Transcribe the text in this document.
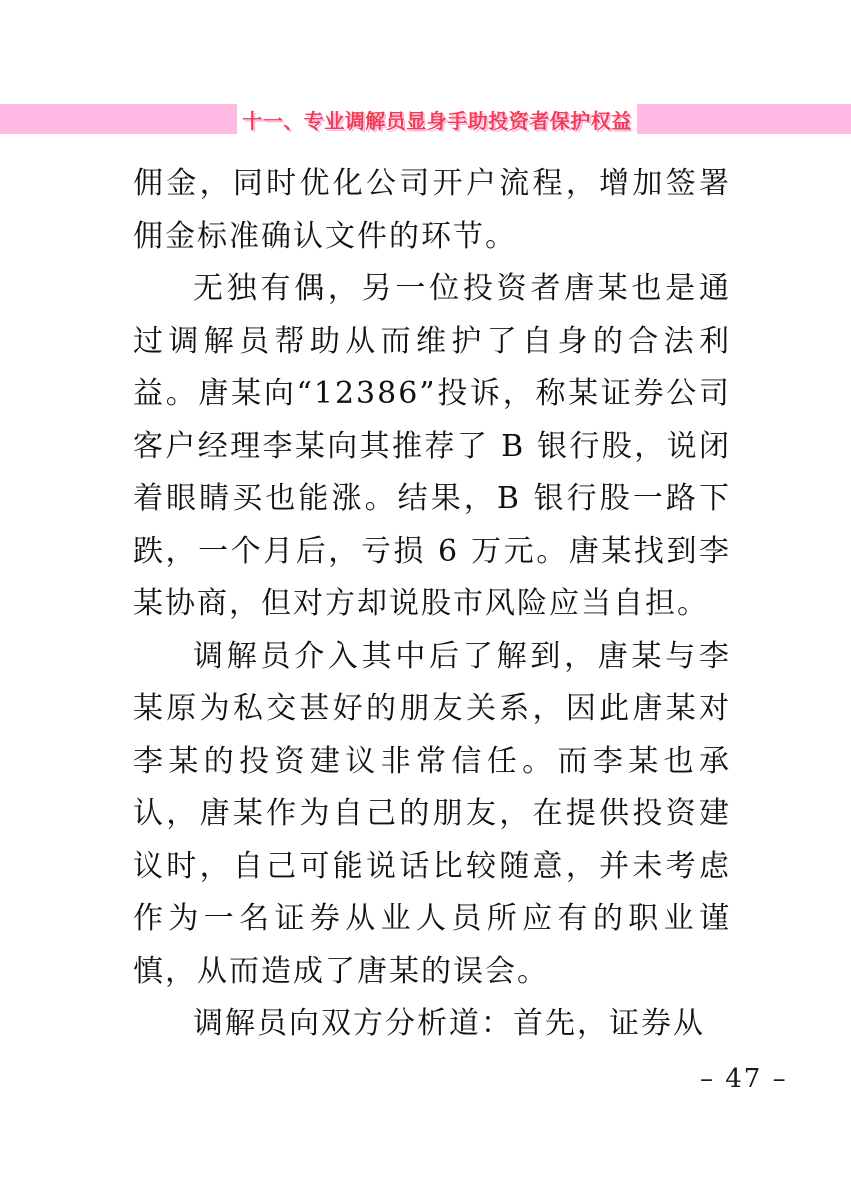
十一、专业调解员显身手助投资者保护权益

佣金，同时优化公司开户流程，增加签署佣金标准确认文件的环节。

无独有偶，另一位投资者唐某也是通过调解员帮助从而维护了自身的合法利益。唐某向“12386”投诉，称某证券公司客户经理李某向其推荐了 B 银行股，说闭着眼睛买也能涨。结果，B 银行股一路下跌，一个月后，亏损 6 万元。唐某找到李某协商，但对方却说股市风险应当自担。

调解员介入其中后了解到，唐某与李某原为私交甚好的朋友关系，因此唐某对李某的投资建议非常信任。而李某也承认，唐某作为自己的朋友，在提供投资建议时，自己可能说话比较随意，并未考虑作为一名证券从业人员所应有的职业谨慎，从而造成了唐某的误会。

调解员向双方分析道：首先，证券从

– 47 –
